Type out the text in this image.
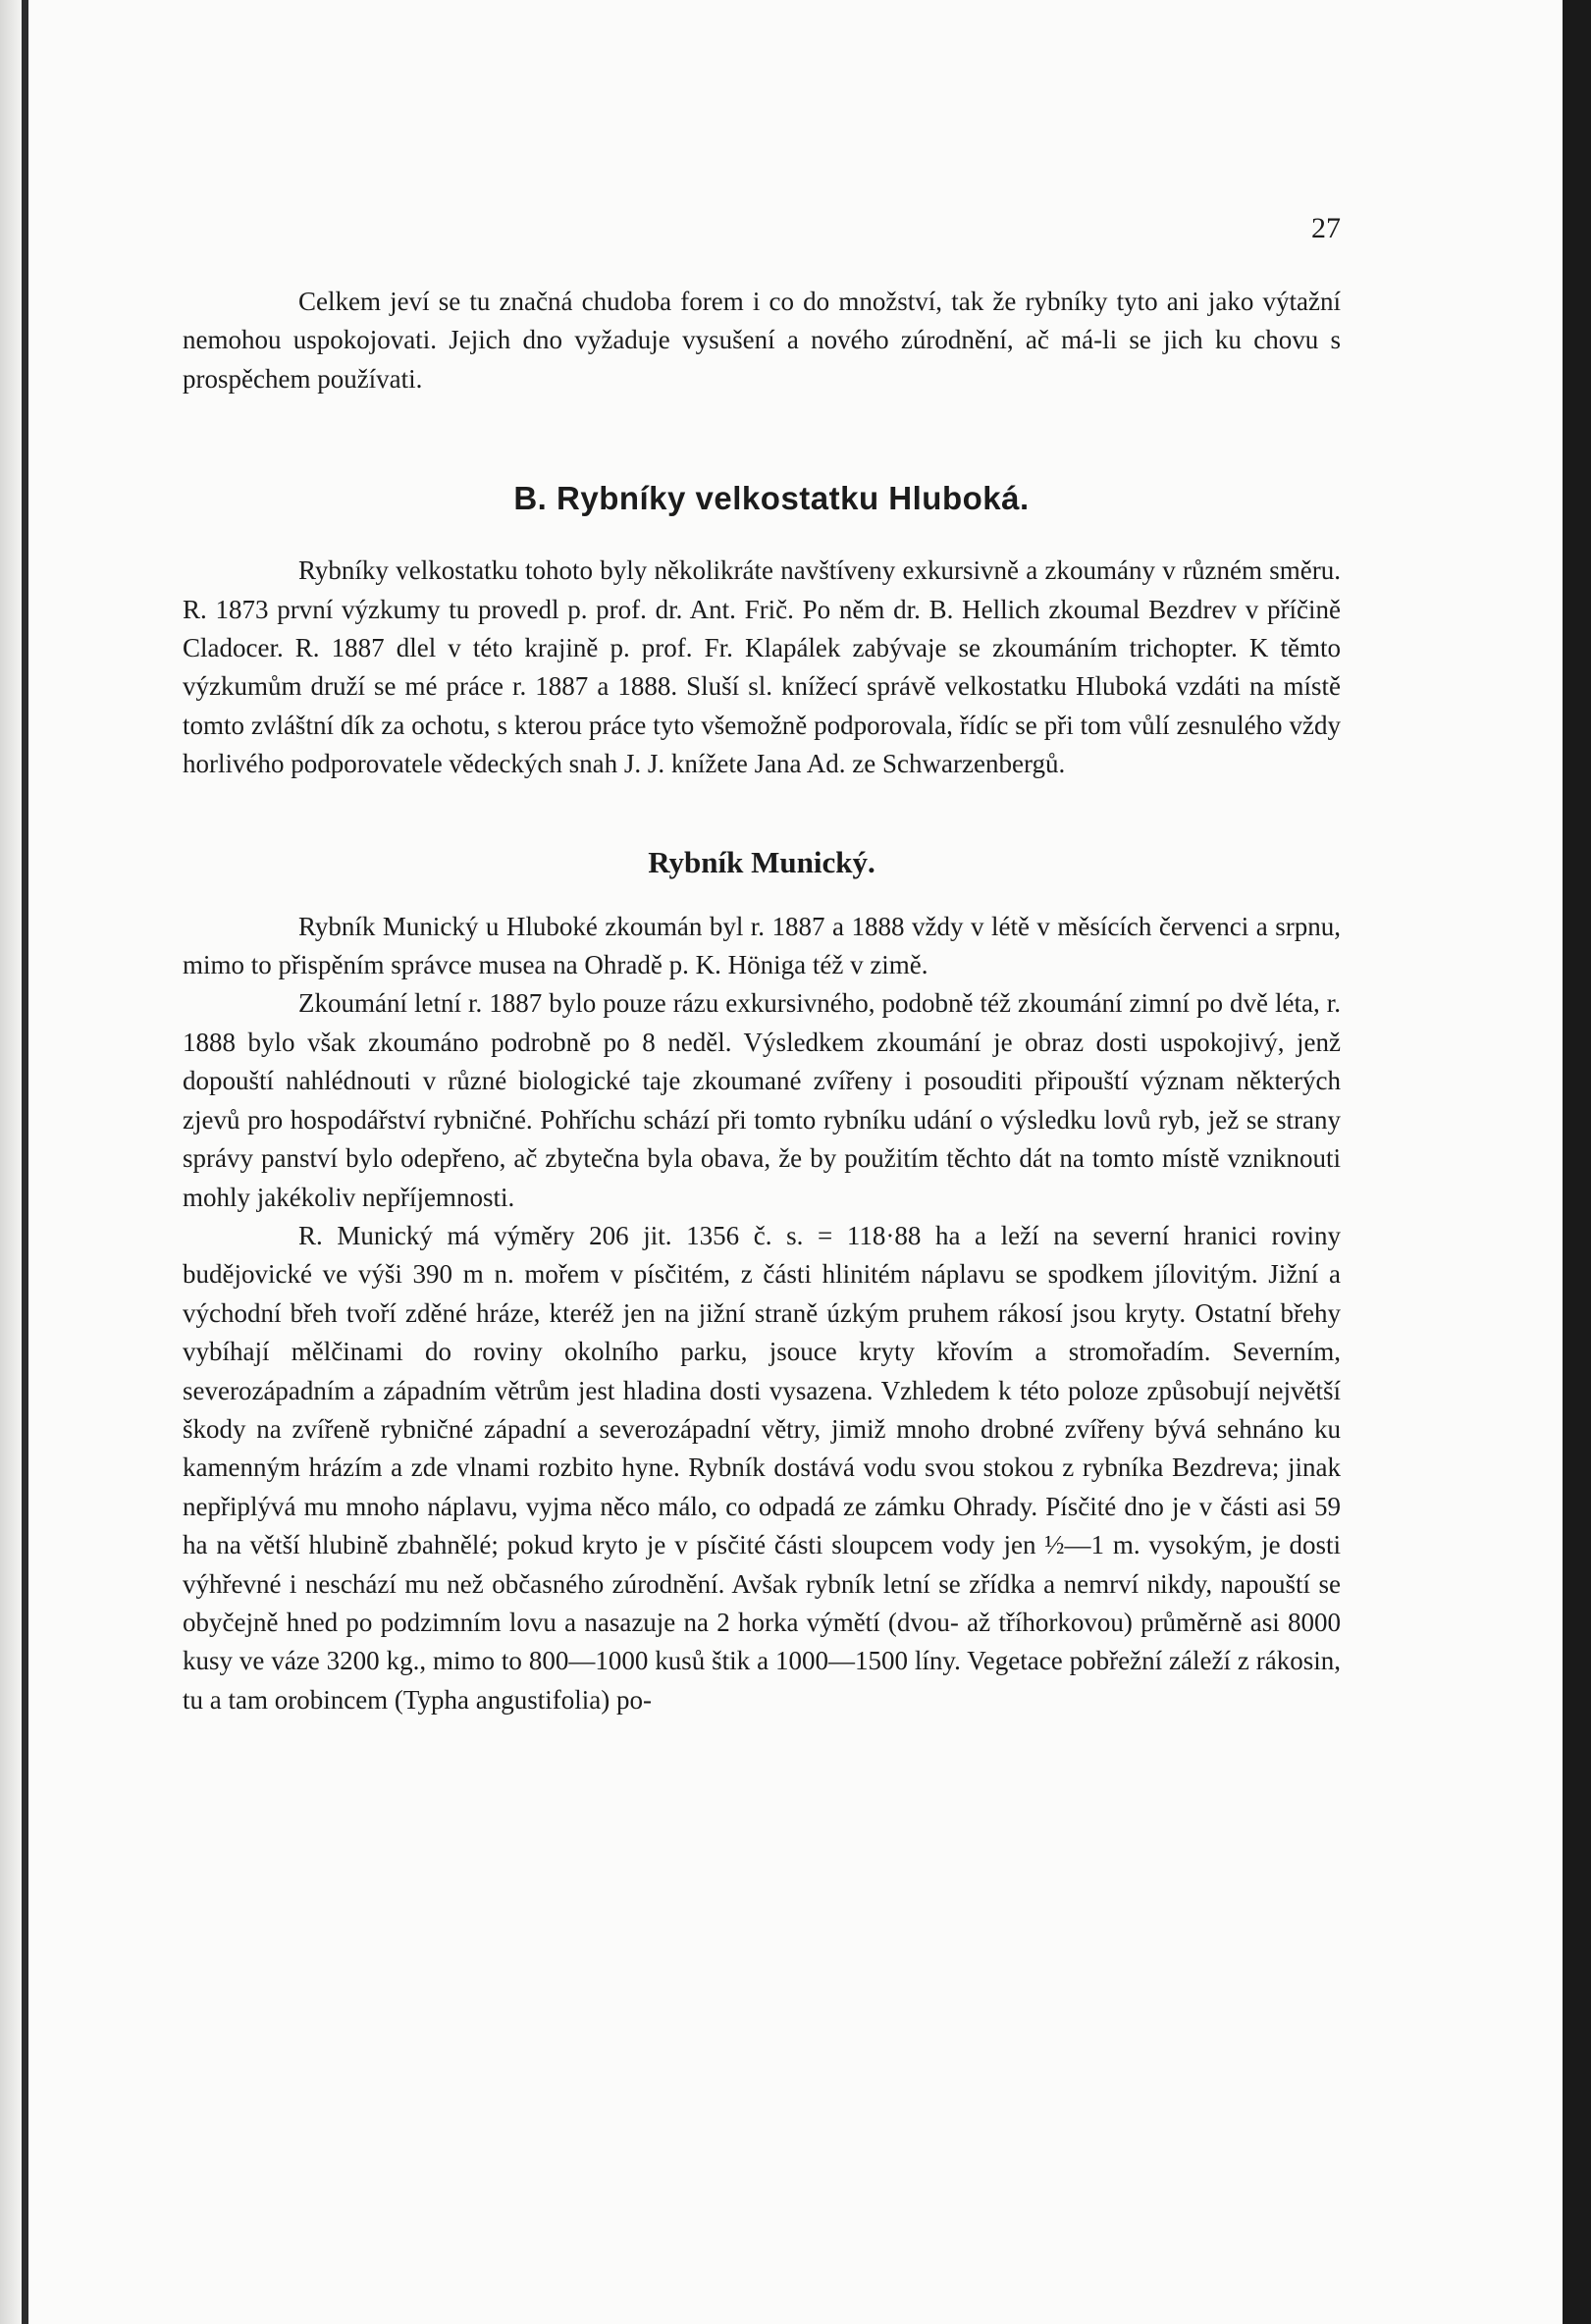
27

Celkem jeví se tu značná chudoba forem i co do množství, tak že rybníky tyto ani jako výtažní nemohou uspokojovati. Jejich dno vyžaduje vysušení a nového zúrodnění, ač má-li se jich ku chovu s prospěchem používati.

B. Rybníky velkostatku Hluboká.

Rybníky velkostatku tohoto byly několikráte navštíveny exkursivně a zkoumány v různém směru. R. 1873 první výzkumy tu provedl p. prof. dr. Ant. Frič. Po něm dr. B. Hellich zkoumal Bezdrev v příčině Cladocer. R. 1887 dlel v této krajině p. prof. Fr. Klapálek zabývaje se zkoumáním trichopter. K těmto výzkumům druží se mé práce r. 1887 a 1888. Sluší sl. knížecí správě velkostatku Hluboká vzdáti na místě tomto zvláštní dík za ochotu, s kterou práce tyto všemožně podporovala, řídíc se při tom vůlí zesnulého vždy horlivého podporovatele vědeckých snah J. J. knížete Jana Ad. ze Schwarzenbergů.

Rybník Munický.

Rybník Munický u Hluboké zkoumán byl r. 1887 a 1888 vždy v létě v měsících červenci a srpnu, mimo to přispěním správce musea na Ohradě p. K. Höniga též v zimě.

Zkoumání letní r. 1887 bylo pouze rázu exkursivného, podobně též zkoumání zimní po dvě léta, r. 1888 bylo však zkoumáno podrobně po 8 neděl. Výsledkem zkoumání je obraz dosti uspokojivý, jenž dopouští nahlédnouti v různé biologické taje zkoumané zvířeny i posouditi připouští význam některých zjevů pro hospodářství rybničné. Pohříchu schází při tomto rybníku udání o výsledku lovů ryb, jež se strany správy panství bylo odepřeno, ač zbytečna byla obava, že by použitím těchto dát na tomto místě vzniknouti mohly jakékoliv nepříjemnosti.

R. Munický má výměry 206 jit. 1356 č. s. = 118·88 ha a leží na severní hranici roviny budějovické ve výši 390 m n. mořem v písčitém, z části hlinitém náplavu se spodkem jílovitým. Jižní a východní břeh tvoří zděné hráze, kteréž jen na jižní straně úzkým pruhem rákosí jsou kryty. Ostatní břehy vybíhají mělčinami do roviny okolního parku, jsouce kryty křovím a stromořadím. Severním, severozápadním a západním větrům jest hladina dosti vysazena. Vzhledem k této poloze způsobují největší škody na zvířeně rybničné západní a severozápadní větry, jimiž mnoho drobné zvířeny bývá sehnáno ku kamenným hrázím a zde vlnami rozbito hyne. Rybník dostává vodu svou stokou z rybníka Bezdreva; jinak nepřiplývá mu mnoho náplavu, vyjma něco málo, co odpadá ze zámku Ohrady. Písčité dno je v části asi 59 ha na větší hlubině zbahnělé; pokud kryto je v písčité části sloupcem vody jen ½—1 m. vysokým, je dosti výhřevné i neschází mu než občasného zúrodnění. Avšak rybník letní se zřídka a nemrví nikdy, napouští se obyčejně hned po podzimním lovu a nasazuje na 2 horka výmětí (dvou- až tříhorkovou) průměrně asi 8000 kusy ve váze 3200 kg., mimo to 800—1000 kusů štik a 1000—1500 líny. Vegetace pobřežní záleží z rákosin, tu a tam orobincem (Typha angustifolia) po-
